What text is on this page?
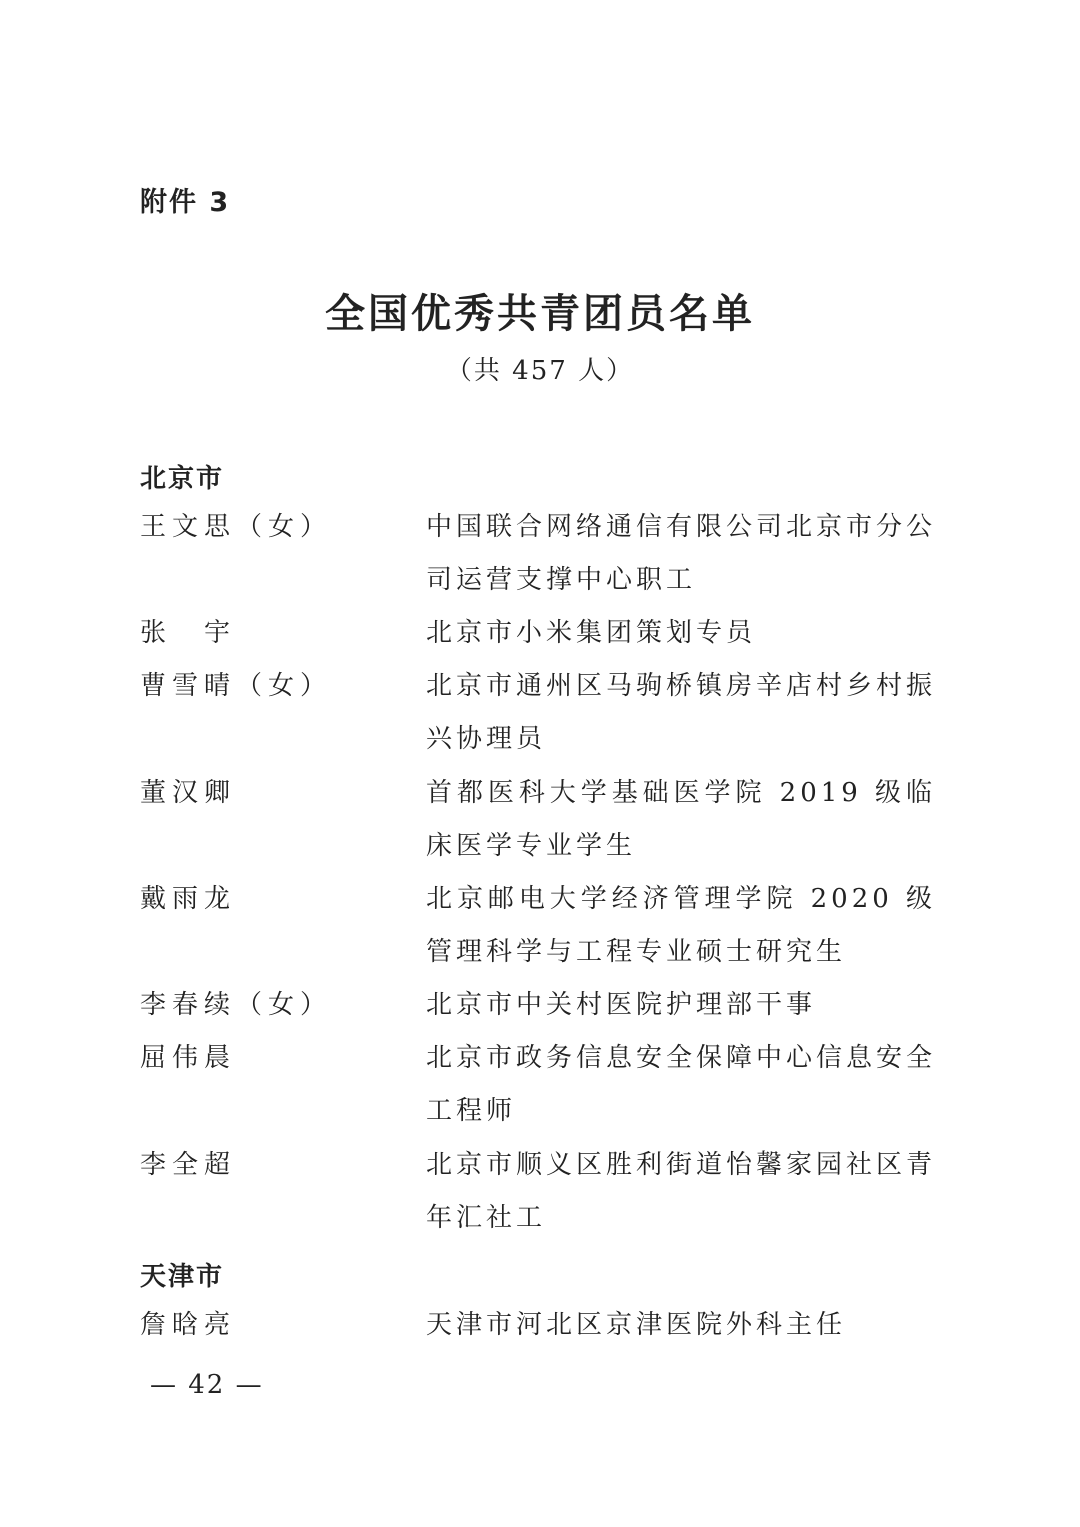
附件 3
全国优秀共青团员名单
（共 457 人）
北京市
王文思（女）	中国联合网络通信有限公司北京市分公司运营支撑中心职工
张　宇	北京市小米集团策划专员
曹雪晴（女）	北京市通州区马驹桥镇房辛店村乡村振兴协理员
董汉卿	首都医科大学基础医学院 2019 级临床医学专业学生
戴雨龙	北京邮电大学经济管理学院 2020 级管理科学与工程专业硕士研究生
李春续（女）	北京市中关村医院护理部干事
屈伟晨	北京市政务信息安全保障中心信息安全工程师
李全超	北京市顺义区胜利街道怡馨家园社区青年汇社工
天津市
詹晗亮	天津市河北区京津医院外科主任
— 42 —
